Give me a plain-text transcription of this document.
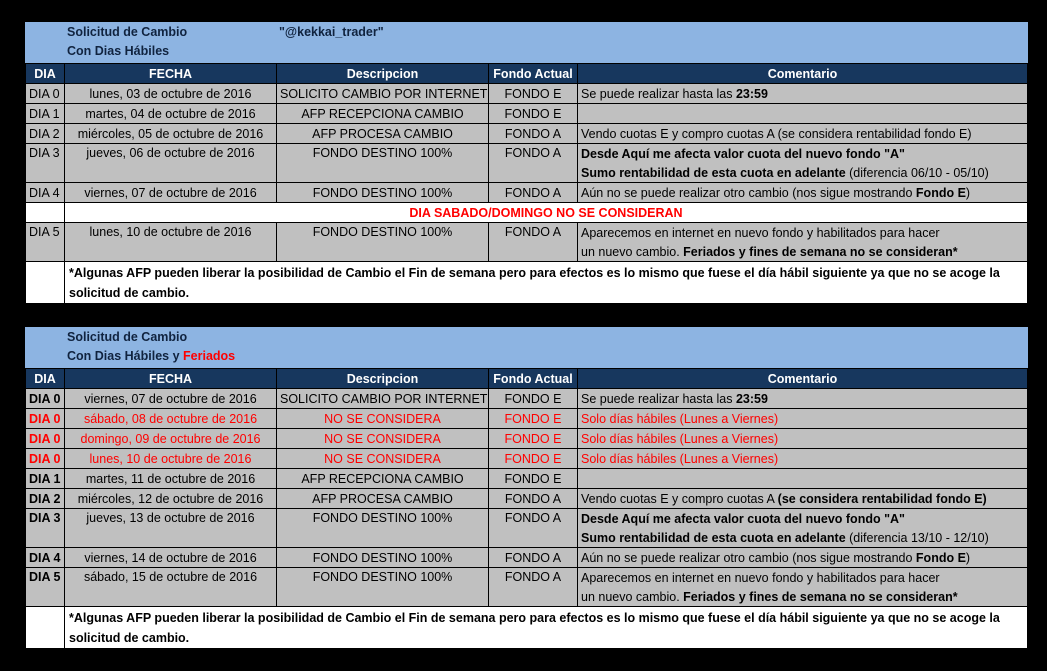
Solicitud de Cambio
Con Dias Hábiles
"@kekkai_trader"
DIA	FECHA	Descripcion	Fondo Actual	Comentario
DIA 0	lunes, 03 de octubre de 2016	SOLICITO CAMBIO POR INTERNET	FONDO E	Se puede realizar hasta las 23:59
DIA 1	martes, 04 de octubre de 2016	AFP RECEPCIONA CAMBIO	FONDO E	
DIA 2	miércoles, 05 de octubre de 2016	AFP PROCESA CAMBIO	FONDO A	Vendo cuotas E y compro cuotas A (se considera rentabilidad fondo E)
DIA 3	jueves, 06 de octubre de 2016	FONDO DESTINO 100%	FONDO A	Desde Aquí me afecta valor cuota del nuevo fondo "A"
				Sumo rentabilidad de esta cuota en adelante (diferencia 06/10 - 05/10)
DIA 4	viernes, 07 de octubre de 2016	FONDO DESTINO 100%	FONDO A	Aún no se puede realizar otro cambio (nos sigue mostrando Fondo E)
	DIA SABADO/DOMINGO NO SE CONSIDERAN			
DIA 5	lunes, 10 de octubre de 2016	FONDO DESTINO 100%	FONDO A	Aparecemos en internet en nuevo fondo y habilitados para hacer
				un nuevo cambio. Feriados y fines de semana no se consideran*
	*Algunas AFP pueden liberar la posibilidad de Cambio el Fin de semana pero para efectos es lo mismo que fuese el día hábil siguiente ya que no se acoge la solicitud de cambio.			
Solicitud de Cambio
Con Dias Hábiles y Feriados
DIA	FECHA	Descripcion	Fondo Actual	Comentario
DIA 0	viernes, 07 de octubre de 2016	SOLICITO CAMBIO POR INTERNET	FONDO E	Se puede realizar hasta las 23:59
DIA 0	sábado, 08 de octubre de 2016	NO SE CONSIDERA	FONDO E	Solo días hábiles (Lunes a Viernes)
DIA 0	domingo, 09 de octubre de 2016	NO SE CONSIDERA	FONDO E	Solo días hábiles (Lunes a Viernes)
DIA 0	lunes, 10 de octubre de 2016	NO SE CONSIDERA	FONDO E	Solo días hábiles (Lunes a Viernes)
DIA 1	martes, 11 de octubre de 2016	AFP RECEPCIONA CAMBIO	FONDO E	
DIA 2	miércoles, 12 de octubre de 2016	AFP PROCESA CAMBIO	FONDO A	Vendo cuotas E y compro cuotas A (se considera rentabilidad fondo E)
DIA 3	jueves, 13 de octubre de 2016	FONDO DESTINO 100%	FONDO A	Desde Aquí me afecta valor cuota del nuevo fondo "A"
				Sumo rentabilidad de esta cuota en adelante (diferencia 13/10 - 12/10)
DIA 4	viernes, 14 de octubre de 2016	FONDO DESTINO 100%	FONDO A	Aún no se puede realizar otro cambio (nos sigue mostrando Fondo E)
DIA 5	sábado, 15 de octubre de 2016	FONDO DESTINO 100%	FONDO A	Aparecemos en internet en nuevo fondo y habilitados para hacer
				un nuevo cambio. Feriados y fines de semana no se consideran*
	*Algunas AFP pueden liberar la posibilidad de Cambio el Fin de semana pero para efectos es lo mismo que fuese el día hábil siguiente ya que no se acoge la solicitud de cambio.			
